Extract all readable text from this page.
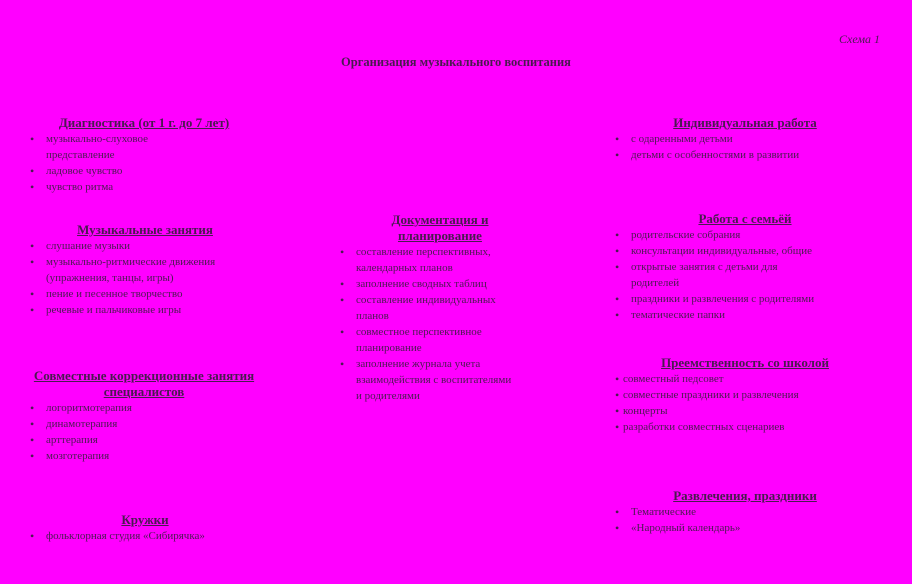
Схема 1
Организация музыкального воспитания
Диагностика (от 1 г. до 7 лет)
• музыкально-слуховое представление
• ладовое чувство
• чувство ритма
Музыкальные занятия
• слушание музыки
• музыкально-ритмические движения (упражнения, танцы, игры)
• пение и песенное творчество
• речевые и пальчиковые игры
Совместные коррекционные занятия специалистов
• логоритмотерапия
• динамотерапия
• арттерапия
• мозготерапия
Кружки
• фольклорная студия «Сибирячка»
Документация и планирование
• составление перспективных, календарных планов
• заполнение сводных таблиц
• составление индивидуальных планов
• совместное перспективное планирование
• заполнение журнала учета взаимодействия с воспитателями и родителями
Индивидуальная работа
• с одаренными детьми
• детьми с особенностями в развитии
Работа с семьёй
• родительские собрания
• консультации индивидуальные, общие
• открытые занятия с детьми для родителей
• праздники и развлечения с родителями
• тематические папки
Преемственность со школой
• совместный педсовет
• совместные праздники и развлечения
• концерты
• разработки совместных сценариев
Развлечения, праздники
• Тематические
• «Народный календарь»
